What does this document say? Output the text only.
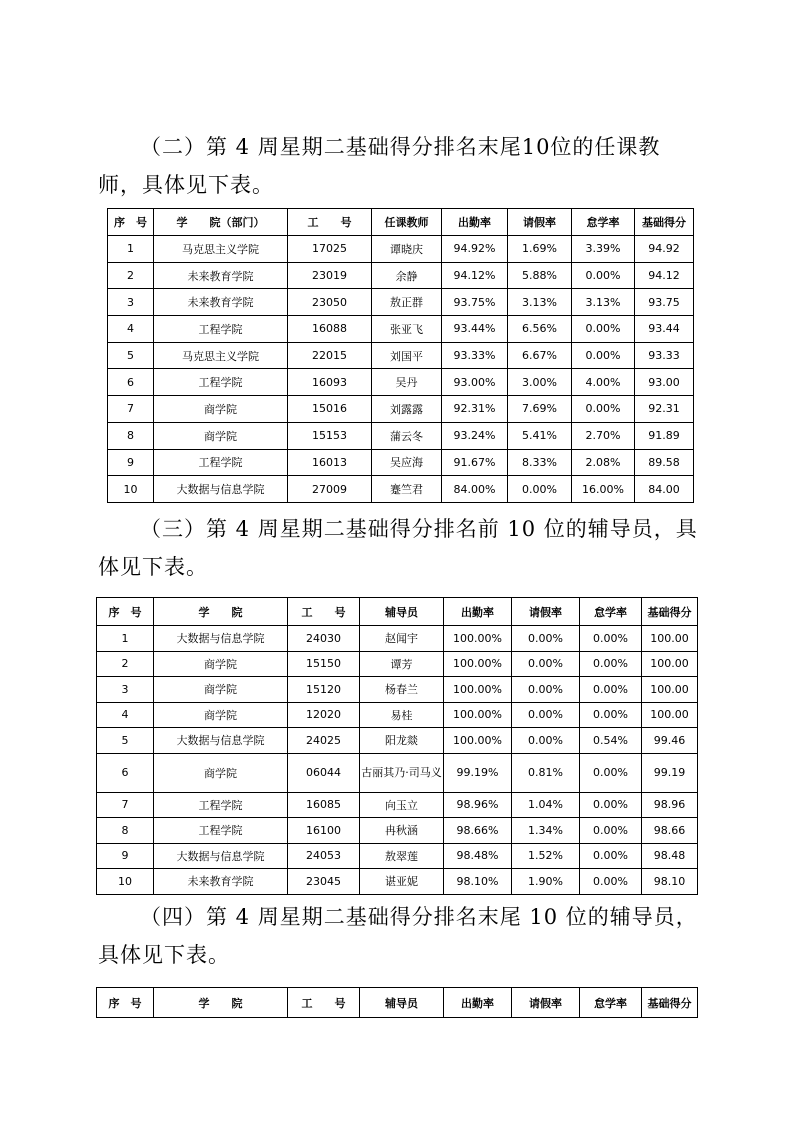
（二）第 4 周星期二基础得分排名末尾10位的任课教师，具体见下表。

序　号	学　　院（部门）	工　　号	任课教师	出勤率	请假率	怠学率	基础得分
1	马克思主义学院	17025	谭晓庆	94.92%	1.69%	3.39%	94.92
2	未来教育学院	23019	余静	94.12%	5.88%	0.00%	94.12
3	未来教育学院	23050	敖正群	93.75%	3.13%	3.13%	93.75
4	工程学院	16088	张亚飞	93.44%	6.56%	0.00%	93.44
5	马克思主义学院	22015	刘国平	93.33%	6.67%	0.00%	93.33
6	工程学院	16093	吴丹	93.00%	3.00%	4.00%	93.00
7	商学院	15016	刘露露	92.31%	7.69%	0.00%	92.31
8	商学院	15153	蒲云冬	93.24%	5.41%	2.70%	91.89
9	工程学院	16013	吴应海	91.67%	8.33%	2.08%	89.58
10	大数据与信息学院	27009	蹇竺君	84.00%	0.00%	16.00%	84.00

（三）第 4 周星期二基础得分排名前 10 位的辅导员，具体见下表。

序　号	学　　院	工　　号	辅导员	出勤率	请假率	怠学率	基础得分
1	大数据与信息学院	24030	赵闻宇	100.00%	0.00%	0.00%	100.00
2	商学院	15150	谭芳	100.00%	0.00%	0.00%	100.00
3	商学院	15120	杨春兰	100.00%	0.00%	0.00%	100.00
4	商学院	12020	易桂	100.00%	0.00%	0.00%	100.00
5	大数据与信息学院	24025	阳龙燚	100.00%	0.00%	0.54%	99.46
6	商学院	06044	古丽其乃·司马义	99.19%	0.81%	0.00%	99.19
7	工程学院	16085	向玉立	98.96%	1.04%	0.00%	98.96
8	工程学院	16100	冉秋涵	98.66%	1.34%	0.00%	98.66
9	大数据与信息学院	24053	敖翠莲	98.48%	1.52%	0.00%	98.48
10	未来教育学院	23045	谌亚妮	98.10%	1.90%	0.00%	98.10

（四）第 4 周星期二基础得分排名末尾 10 位的辅导员，具体见下表。

序　号	学　　院	工　　号	辅导员	出勤率	请假率	怠学率	基础得分
